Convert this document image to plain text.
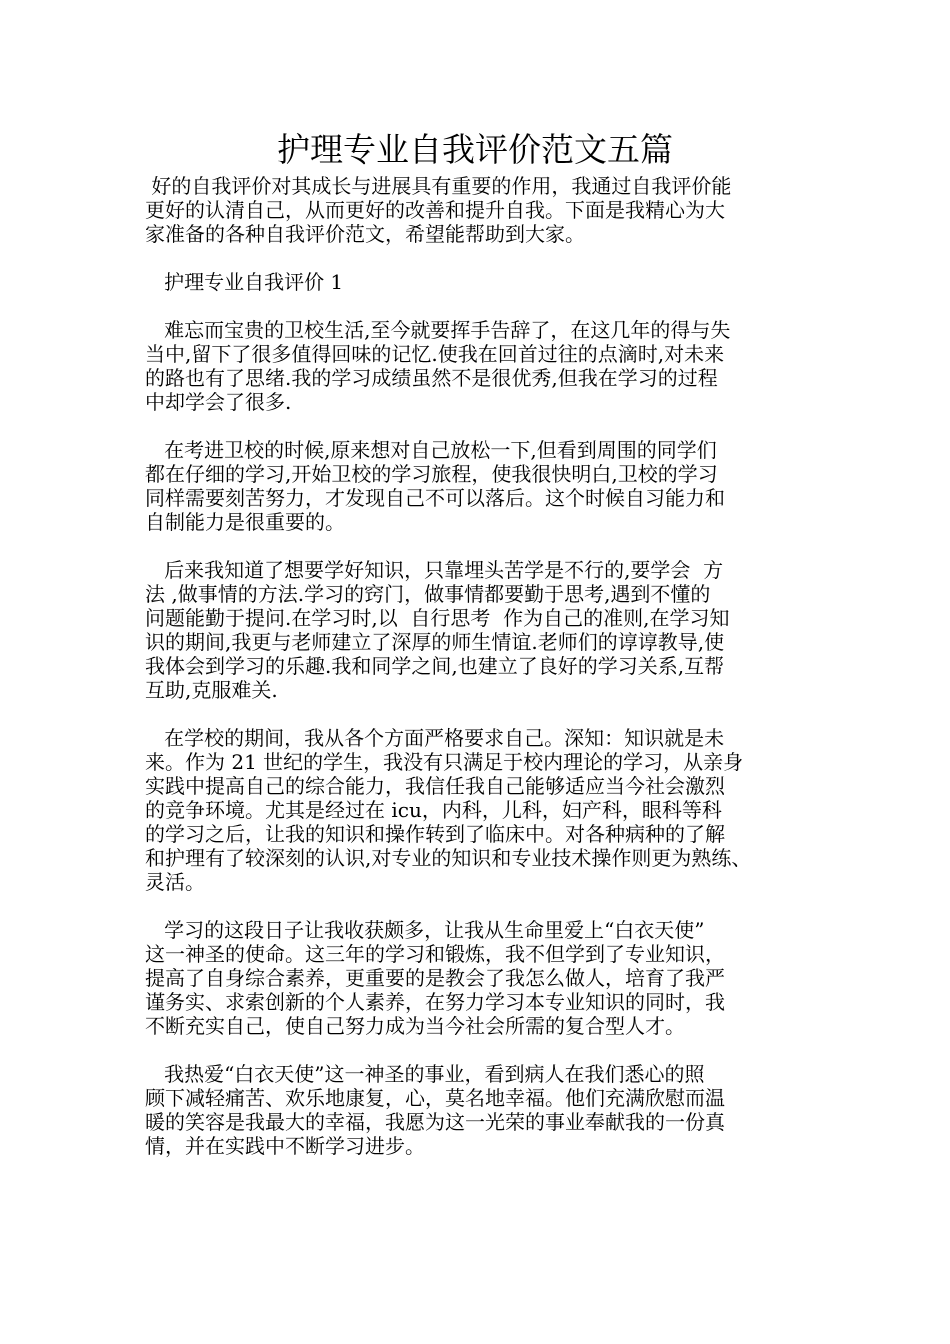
护理专业自我评价范文五篇
好的自我评价对其成长与进展具有重要的作用，我通过自我评价能
更好的认清自己，从而更好的改善和提升自我。下面是我精心为大
家准备的各种自我评价范文，希望能帮助到大家。
护理专业自我评价 1
难忘而宝贵的卫校生活,至今就要挥手告辞了，在这几年的得与失
当中,留下了很多值得回味的记忆.使我在回首过往的点滴时,对未来
的路也有了思绪.我的学习成绩虽然不是很优秀,但我在学习的过程
中却学会了很多.
在考进卫校的时候,原来想对自己放松一下,但看到周围的同学们
都在仔细的学习,开始卫校的学习旅程，使我很快明白,卫校的学习
同样需要刻苦努力，才发现自己不可以落后。这个时候自习能力和
自制能力是很重要的。
后来我知道了想要学好知识，只靠埋头苦学是不行的,要学会  方
法 ,做事情的方法.学习的窍门，做事情都要勤于思考,遇到不懂的
问题能勤于提问.在学习时,以  自行思考  作为自己的准则,在学习知
识的期间,我更与老师建立了深厚的师生情谊.老师们的谆谆教导,使
我体会到学习的乐趣.我和同学之间,也建立了良好的学习关系,互帮
互助,克服难关.
在学校的期间，我从各个方面严格要求自己。深知：知识就是未
来。作为 21 世纪的学生，我没有只满足于校内理论的学习，从亲身
实践中提高自己的综合能力，我信任我自己能够适应当今社会激烈
的竞争环境。尤其是经过在 icu，内科，儿科，妇产科，眼科等科
的学习之后，让我的知识和操作转到了临床中。对各种病种的了解
和护理有了较深刻的认识,对专业的知识和专业技术操作则更为熟练、
灵活。
学习的这段日子让我收获颇多，让我从生命里爱上“白衣天使”
这一神圣的使命。这三年的学习和锻炼，我不但学到了专业知识，
提高了自身综合素养，更重要的是教会了我怎么做人，培育了我严
谨务实、求索创新的个人素养，在努力学习本专业知识的同时，我
不断充实自己，使自己努力成为当今社会所需的复合型人才。
我热爱“白衣天使”这一神圣的事业，看到病人在我们悉心的照
顾下减轻痛苦、欢乐地康复，心，莫名地幸福。他们充满欣慰而温
暖的笑容是我最大的幸福，我愿为这一光荣的事业奉献我的一份真
情，并在实践中不断学习进步。
